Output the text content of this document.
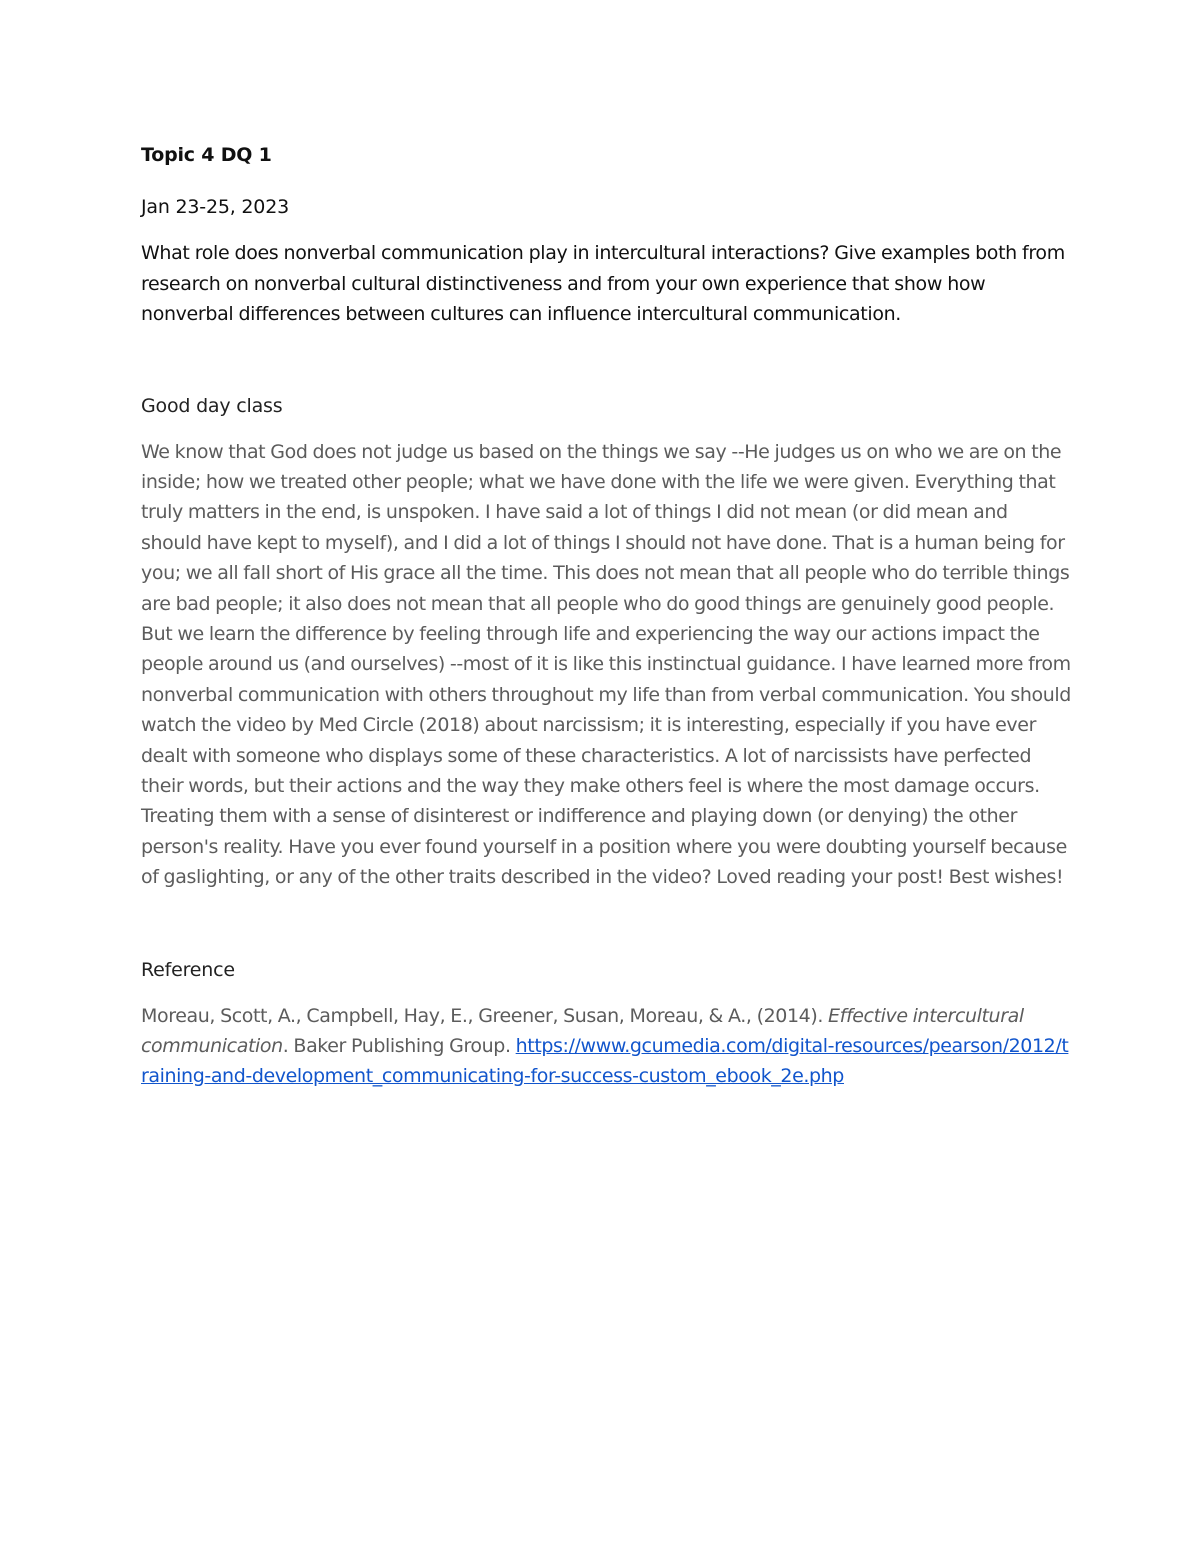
Topic 4 DQ 1

Jan 23-25, 2023

What role does nonverbal communication play in intercultural interactions? Give examples both from research on nonverbal cultural distinctiveness and from your own experience that show how nonverbal differences between cultures can influence intercultural communication.

Good day class

We know that God does not judge us based on the things we say --He judges us on who we are on the inside; how we treated other people; what we have done with the life we were given. Everything that truly matters in the end, is unspoken. I have said a lot of things I did not mean (or did mean and should have kept to myself), and I did a lot of things I should not have done. That is a human being for you; we all fall short of His grace all the time. This does not mean that all people who do terrible things are bad people; it also does not mean that all people who do good things are genuinely good people. But we learn the difference by feeling through life and experiencing the way our actions impact the people around us (and ourselves) --most of it is like this instinctual guidance. I have learned more from nonverbal communication with others throughout my life than from verbal communication. You should watch the video by Med Circle (2018) about narcissism; it is interesting, especially if you have ever dealt with someone who displays some of these characteristics. A lot of narcissists have perfected their words, but their actions and the way they make others feel is where the most damage occurs. Treating them with a sense of disinterest or indifference and playing down (or denying) the other person's reality. Have you ever found yourself in a position where you were doubting yourself because of gaslighting, or any of the other traits described in the video? Loved reading your post! Best wishes!

Reference

Moreau, Scott, A., Campbell, Hay, E., Greener, Susan, Moreau, & A., (2014). Effective intercultural communication. Baker Publishing Group. https://www.gcumedia.com/digital-resources/pearson/2012/training-and-development_communicating-for-success-custom_ebook_2e.php
